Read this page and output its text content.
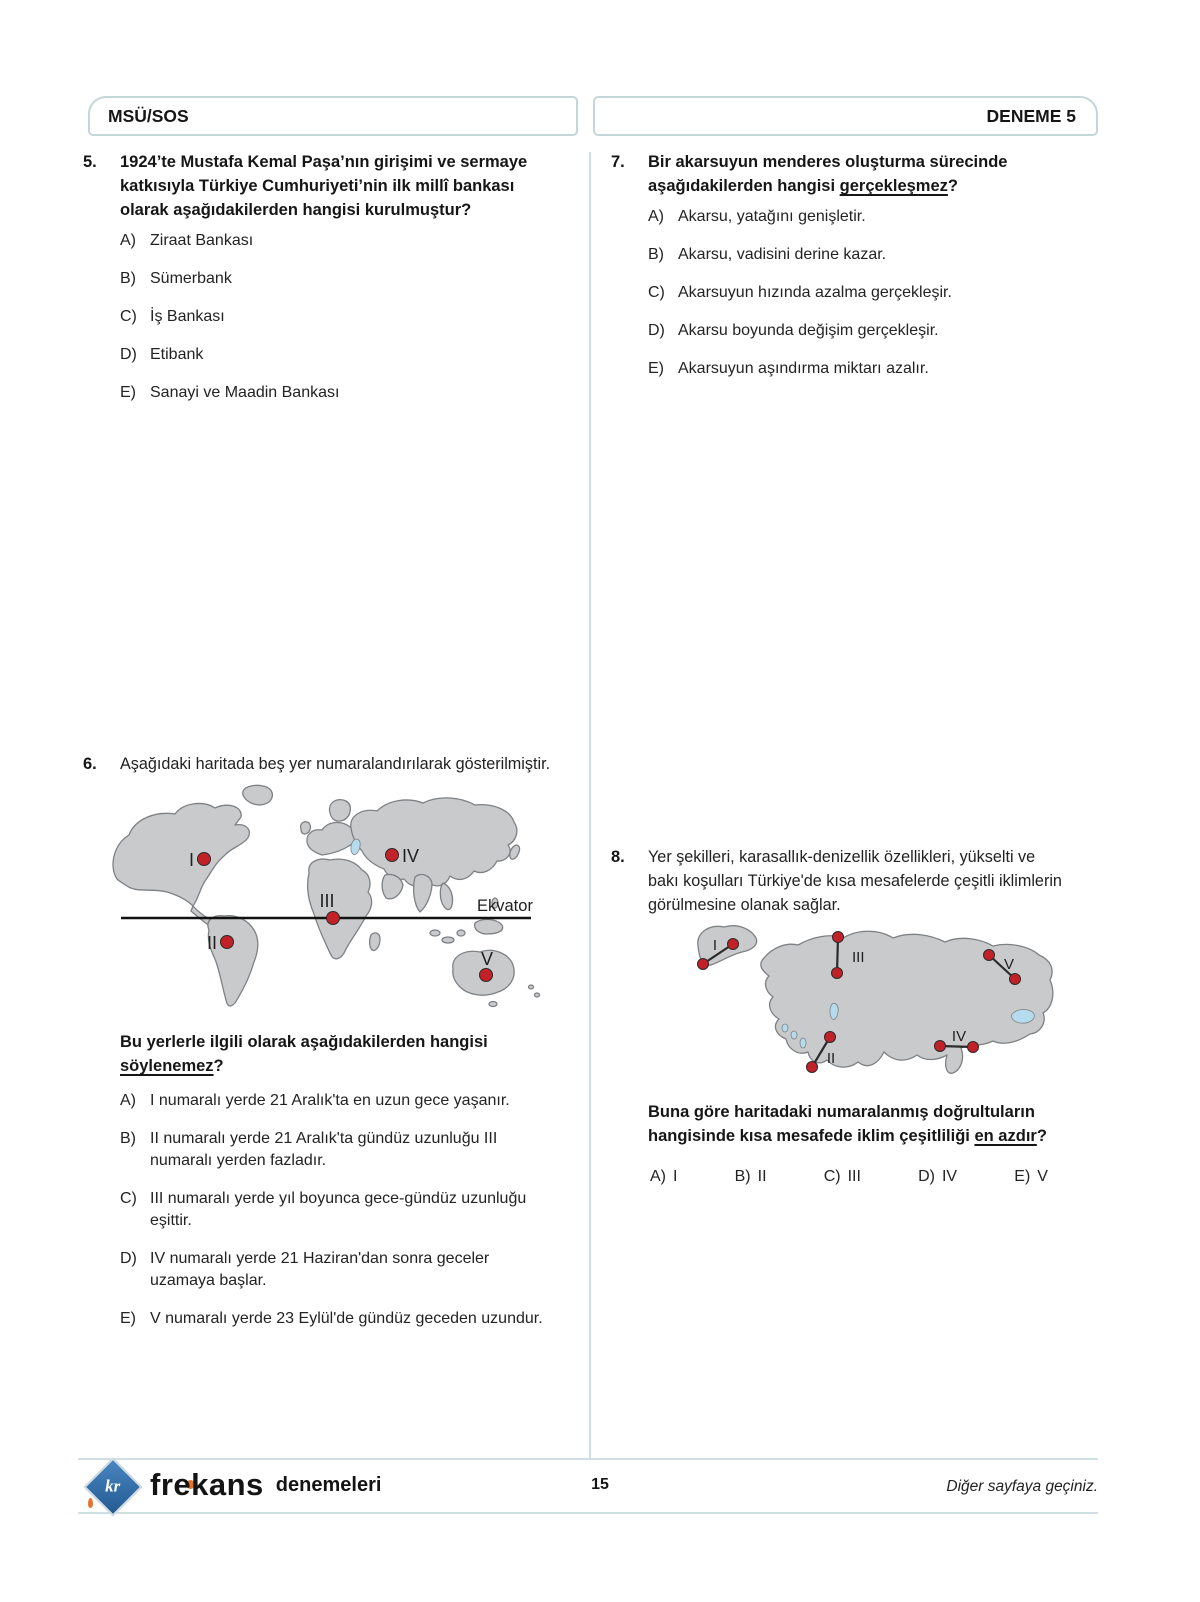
MSÜ/SOS	DENEME 5
5.	1924’te Mustafa Kemal Paşa’nın girişimi ve sermaye
katkısıyla Türkiye Cumhuriyeti’nin ilk millî bankası
olarak aşağıdakilerden hangisi kurulmuştur?
A) Ziraat Bankası
B) Sümerbank
C) İş Bankası
D) Etibank
E) Sanayi ve Maadin Bankası
7.	Bir akarsuyun menderes oluşturma sürecinde
aşağıdakilerden hangisi gerçekleşmez?
A) Akarsu, yatağını genişletir.
B) Akarsu, vadisini derine kazar.
C) Akarsuyun hızında azalma gerçekleşir.
D) Akarsu boyunda değişim gerçekleşir.
E) Akarsuyun aşındırma miktarı azalır.
6.	Aşağıdaki haritada beş yer numaralandırılarak gösterilmiştir.
Ekvator
I
II
III
IV
V
Bu yerlerle ilgili olarak aşağıdakilerden hangisi
söylenemez?
A) I numaralı yerde 21 Aralık'ta en uzun gece yaşanır.
B) II numaralı yerde 21 Aralık'ta gündüz uzunluğu III numaralı yerden fazladır.
C) III numaralı yerde yıl boyunca gece-gündüz uzunluğu eşittir.
D) IV numaralı yerde 21 Haziran'dan sonra geceler uzamaya başlar.
E) V numaralı yerde 23 Eylül'de gündüz geceden uzundur.
8.	Yer şekilleri, karasallık-denizellik özellikleri, yükselti ve
bakı koşulları Türkiye'de kısa mesafelerde çeşitli iklimlerin
görülmesine olanak sağlar.
I
II
III
IV
V
Buna göre haritadaki numaralanmış doğrultuların
hangisinde kısa mesafede iklim çeşitliliği en azdır?
A) I	B) II	C) III	D) IV	E) V
kr frekans denemeleri	15	Diğer sayfaya geçiniz.
